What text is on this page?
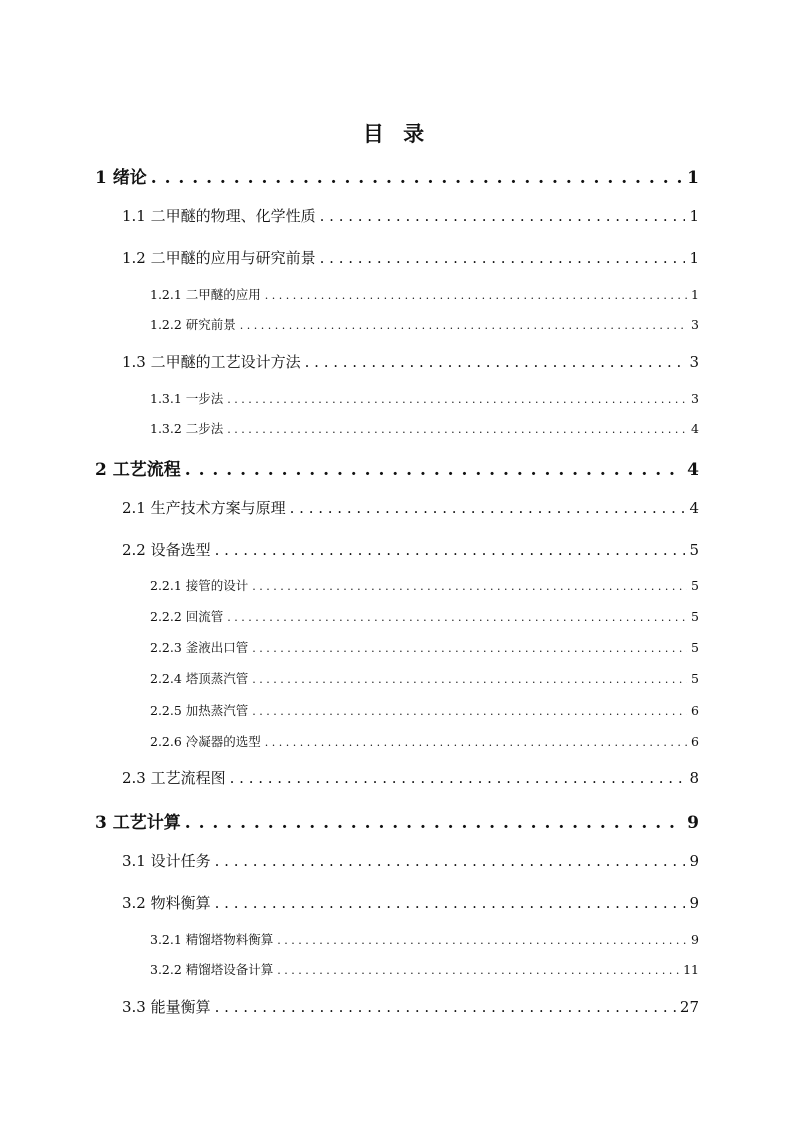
目 录
1 绪论 . . .	1
1.1 二甲醚的物理、化学性质 . . .	1
1.2 二甲醚的应用与研究前景 . . .	1
1.2.1 二甲醚的应用 . . .	1
1.2.2 研究前景 . . .	3
1.3 二甲醚的工艺设计方法 . . .	3
1.3.1 一步法 . . .	3
1.3.2 二步法 . . .	4
2 工艺流程 . . .	4
2.1 生产技术方案与原理 . . .	4
2.2 设备选型 . . .	5
2.2.1 接管的设计 . . .	5
2.2.2 回流管 . . .	5
2.2.3 釜液出口管 . . .	5
2.2.4 塔顶蒸汽管 . . .	5
2.2.5 加热蒸汽管 . . .	6
2.2.6 冷凝器的选型 . . .	6
2.3 工艺流程图 . . .	8
3 工艺计算 . . .	9
3.1 设计任务 . . .	9
3.2 物料衡算 . . .	9
3.2.1 精馏塔物料衡算 . . .	9
3.2.2 精馏塔设备计算 . . .	11
3.3 能量衡算 . . .	27
